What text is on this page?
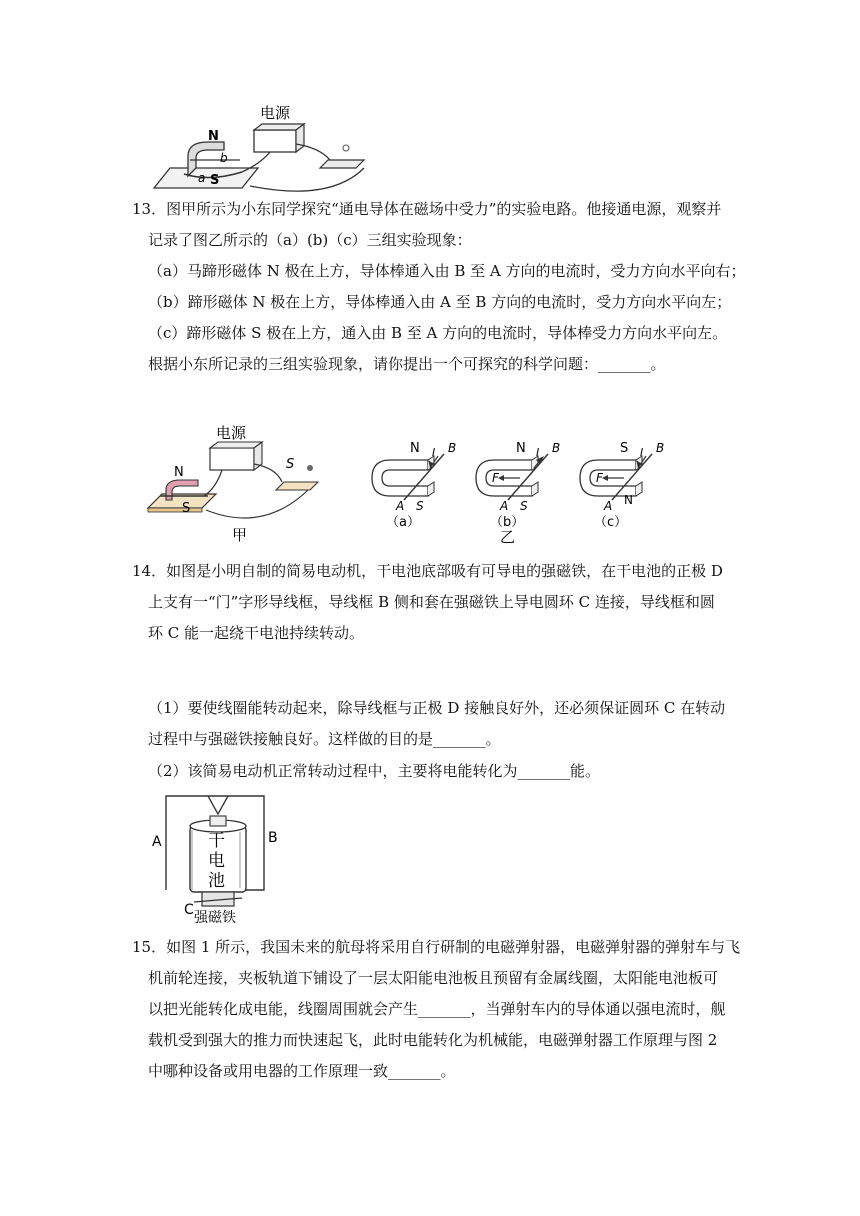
电源
N
b
a S
13．图甲所示为小东同学探究“通电导体在磁场中受力”的实验电路。他接通电源，观察并
记录了图乙所示的（a）(b)（c）三组实验现象：
（a）马蹄形磁体 N 极在上方，导体棒通入由 B 至 A 方向的电流时，受力方向水平向右；
（b）蹄形磁体 N 极在上方，导体棒通入由 A 至 B 方向的电流时，受力方向水平向左；
（c）蹄形磁体 S 极在上方，通入由 B 至 A 方向的电流时，导体棒受力方向水平向左。
根据小东所记录的三组实验现象，请你提出一个可探究的科学问题：_______。
电源
N
S
S
甲
N
S
A
B
I
（a）
N
F
S
A
B
I
（b）
乙
S
F
N
A
B
I
（c）
14．如图是小明自制的简易电动机，干电池底部吸有可导电的强磁铁，在干电池的正极 D
上支有一“门”字形导线框，导线框 B 侧和套在强磁铁上导电圆环 C 连接，导线框和圆
环 C 能一起绕干电池持续转动。
（1）要使线圈能转动起来，除导线框与正极 D 接触良好外，还必须保证圆环 C 在转动
过程中与强磁铁接触良好。这样做的目的是_______。
（2）该简易电动机正常转动过程中，主要将电能转化为_______能。
A	B
C
干
电
池
强磁铁
15．如图 1 所示，我国未来的航母将采用自行研制的电磁弹射器，电磁弹射器的弹射车与飞
机前轮连接，夹板轨道下铺设了一层太阳能电池板且预留有金属线圈，太阳能电池板可
以把光能转化成电能，线圈周围就会产生_______，当弹射车内的导体通以强电流时，舰
载机受到强大的推力而快速起飞，此时电能转化为机械能，电磁弹射器工作原理与图 2
中哪种设备或用电器的工作原理一致_______。
